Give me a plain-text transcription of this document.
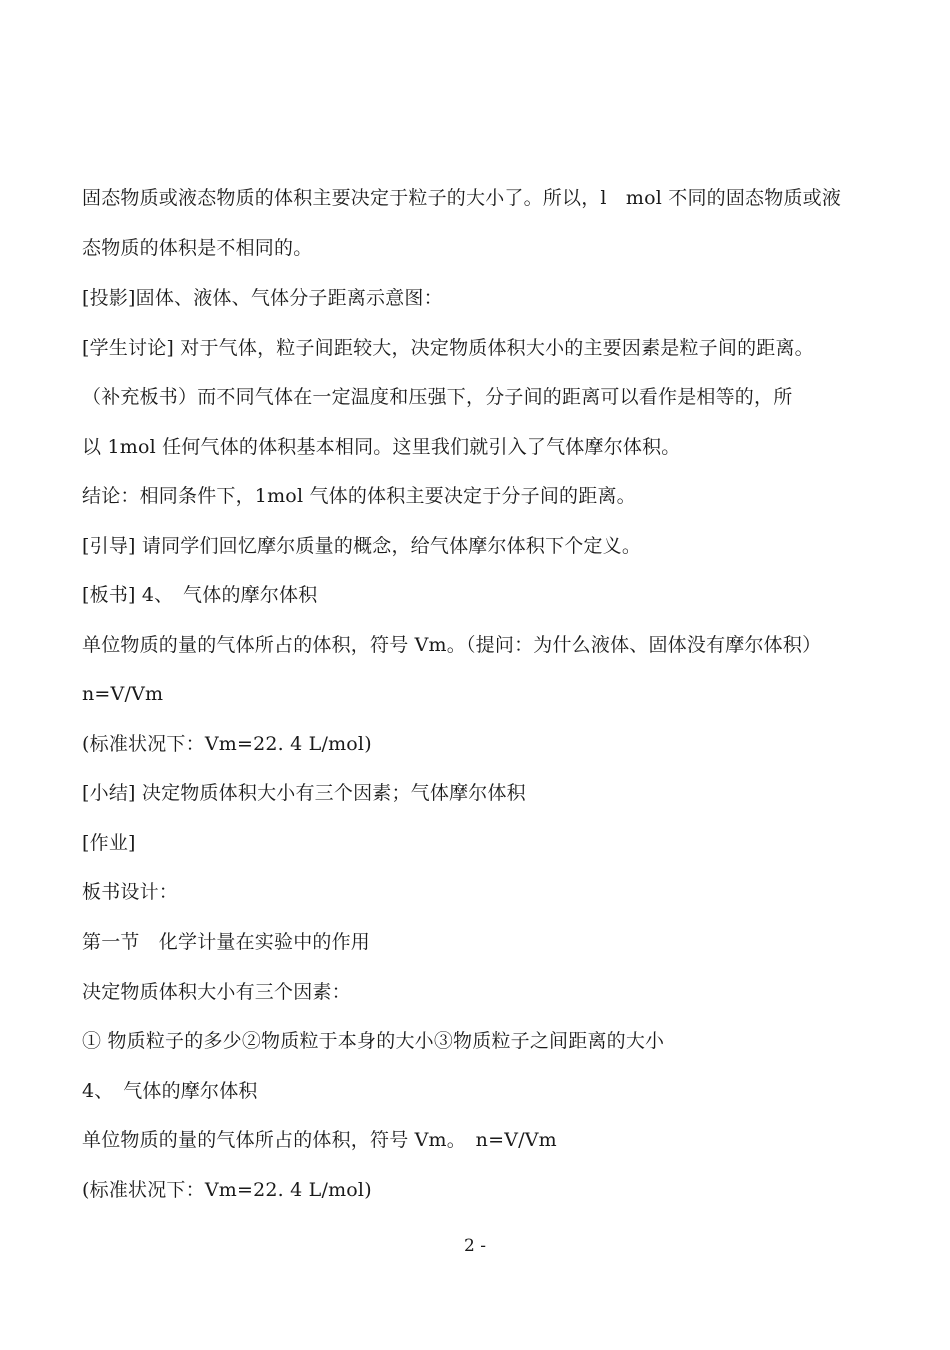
固态物质或液态物质的体积主要决定于粒子的大小了。所以，l　mol 不同的固态物质或液
态物质的体积是不相同的。
[投影]固体、液体、气体分子距离示意图：
[学生讨论] 对于气体，粒子间距较大，决定物质体积大小的主要因素是粒子间的距离。
（补充板书）而不同气体在一定温度和压强下，分子间的距离可以看作是相等的，所
以 1mol 任何气体的体积基本相同。这里我们就引入了气体摩尔体积。
结论：相同条件下，1mol 气体的体积主要决定于分子间的距离。
[引导] 请同学们回忆摩尔质量的概念，给气体摩尔体积下个定义。
[板书] 4、　气体的摩尔体积
单位物质的量的气体所占的体积，符号 Vm。（提问：为什么液体、固体没有摩尔体积）
n=V/Vm
(标准状况下：Vm=22. 4 L/mol)
[小结] 决定物质体积大小有三个因素；气体摩尔体积
[作业]
板书设计：
第一节　化学计量在实验中的作用
决定物质体积大小有三个因素：
① 物质粒子的多少②物质粒于本身的大小③物质粒子之间距离的大小
4、　气体的摩尔体积
单位物质的量的气体所占的体积，符号 Vm。　n=V/Vm
(标准状况下：Vm=22. 4 L/mol)
2 -
